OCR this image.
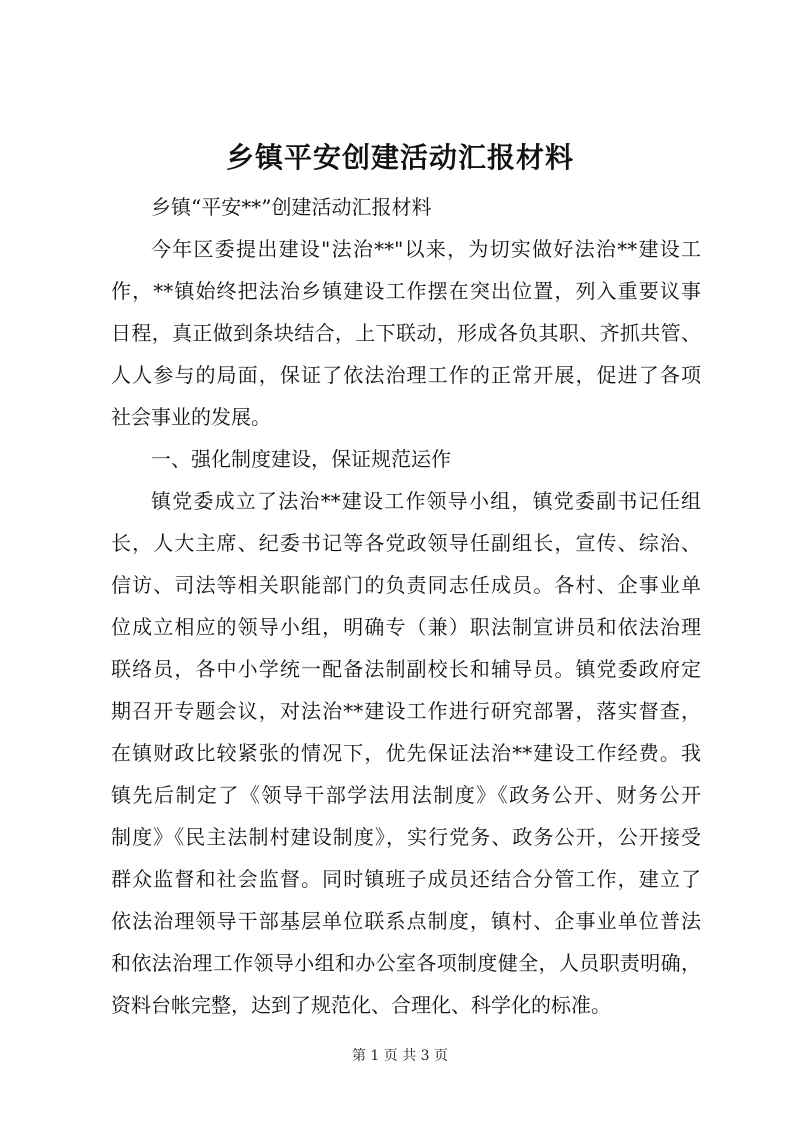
乡镇平安创建活动汇报材料
乡镇“平安**”创建活动汇报材料
今年区委提出建设"法治**"以来，为切实做好法治**建设工
作，**镇始终把法治乡镇建设工作摆在突出位置，列入重要议事
日程，真正做到条块结合，上下联动，形成各负其职、齐抓共管、
人人参与的局面，保证了依法治理工作的正常开展，促进了各项
社会事业的发展。
一、强化制度建设，保证规范运作
镇党委成立了法治**建设工作领导小组，镇党委副书记任组
长，人大主席、纪委书记等各党政领导任副组长，宣传、综治、
信访、司法等相关职能部门的负责同志任成员。各村、企事业单
位成立相应的领导小组，明确专（兼）职法制宣讲员和依法治理
联络员，各中小学统一配备法制副校长和辅导员。镇党委政府定
期召开专题会议，对法治**建设工作进行研究部署，落实督查，
在镇财政比较紧张的情况下，优先保证法治**建设工作经费。我
镇先后制定了《领导干部学法用法制度》《政务公开、财务公开
制度》《民主法制村建设制度》，实行党务、政务公开，公开接受
群众监督和社会监督。同时镇班子成员还结合分管工作，建立了
依法治理领导干部基层单位联系点制度，镇村、企事业单位普法
和依法治理工作领导小组和办公室各项制度健全，人员职责明确，
资料台帐完整，达到了规范化、合理化、科学化的标准。
第 1 页 共 3 页
